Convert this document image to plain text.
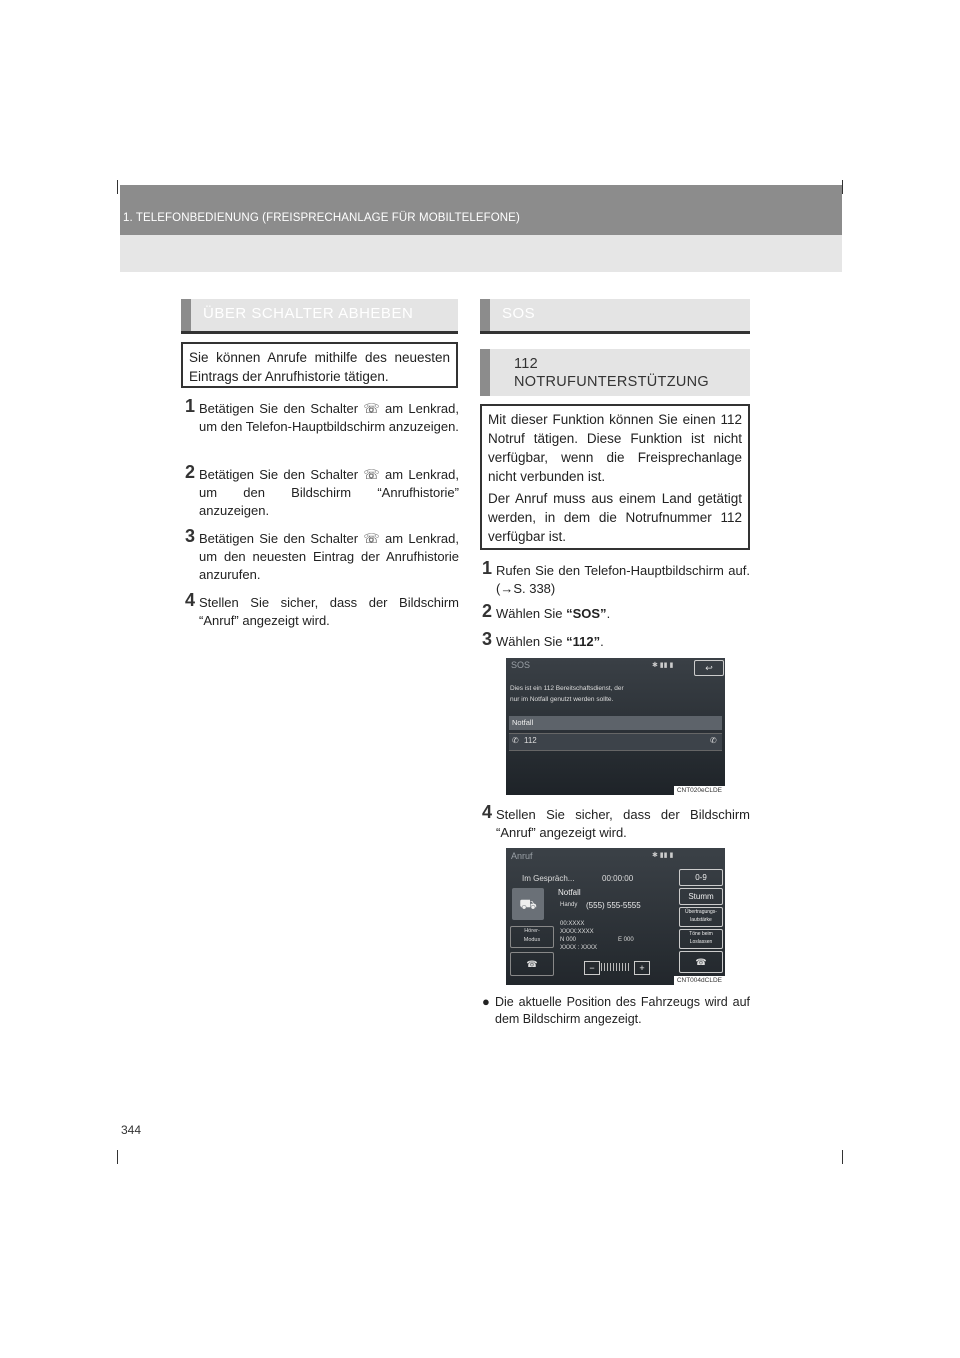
1. TELEFONBEDIENUNG (FREISPRECHANLAGE FÜR MOBILTELEFONE)
ÜBER SCHALTER ABHEBEN
Sie können Anrufe mithilfe des neuesten Eintrags der Anrufhistorie tätigen.
1 Betätigen Sie den Schalter ☏ am Lenkrad, um den Telefon-Hauptbildschirm anzuzeigen.
2 Betätigen Sie den Schalter ☏ am Lenkrad, um den Bildschirm “Anrufhistorie” anzuzeigen.
3 Betätigen Sie den Schalter ☏ am Lenkrad, um den neuesten Eintrag der Anrufhistorie anzurufen.
4 Stellen Sie sicher, dass der Bildschirm “Anruf” angezeigt wird.
SOS
112
NOTRUFUNTERSTÜTZUNG
Mit dieser Funktion können Sie einen 112 Notruf tätigen. Diese Funktion ist nicht verfügbar, wenn die Freisprechanlage nicht verbunden ist.
Der Anruf muss aus einem Land getätigt werden, in dem die Notrufnummer 112 verfügbar ist.
1 Rufen Sie den Telefon-Hauptbildschirm auf. (→S. 338)
2 Wählen Sie “SOS”.
3 Wählen Sie “112”.
SOS	✱ ▮▮ ▮	↩
Dies ist ein 112 Bereitschaftsdienst, der
nur im Notfall genutzt werden sollte.
Notfall
✆ 112	✆
CNT020eCLDE
4 Stellen Sie sicher, dass der Bildschirm “Anruf” angezeigt wird.
Anruf	✱ ▮▮ ▮
Im Gespräch...	00:00:00
⛟
Notfall
Handy (555) 555-5555
00:XXXX
XXXX:XXXX
N 000	E 000
XXXX : XXXX
Hörer-
Modus
☎	−	+
0-9
Stumm
Übertragungs-
lautstärke
Töne beim
Loslassen
☎
CNT004dCLDE
● Die aktuelle Position des Fahrzeugs wird auf dem Bildschirm angezeigt.
344
